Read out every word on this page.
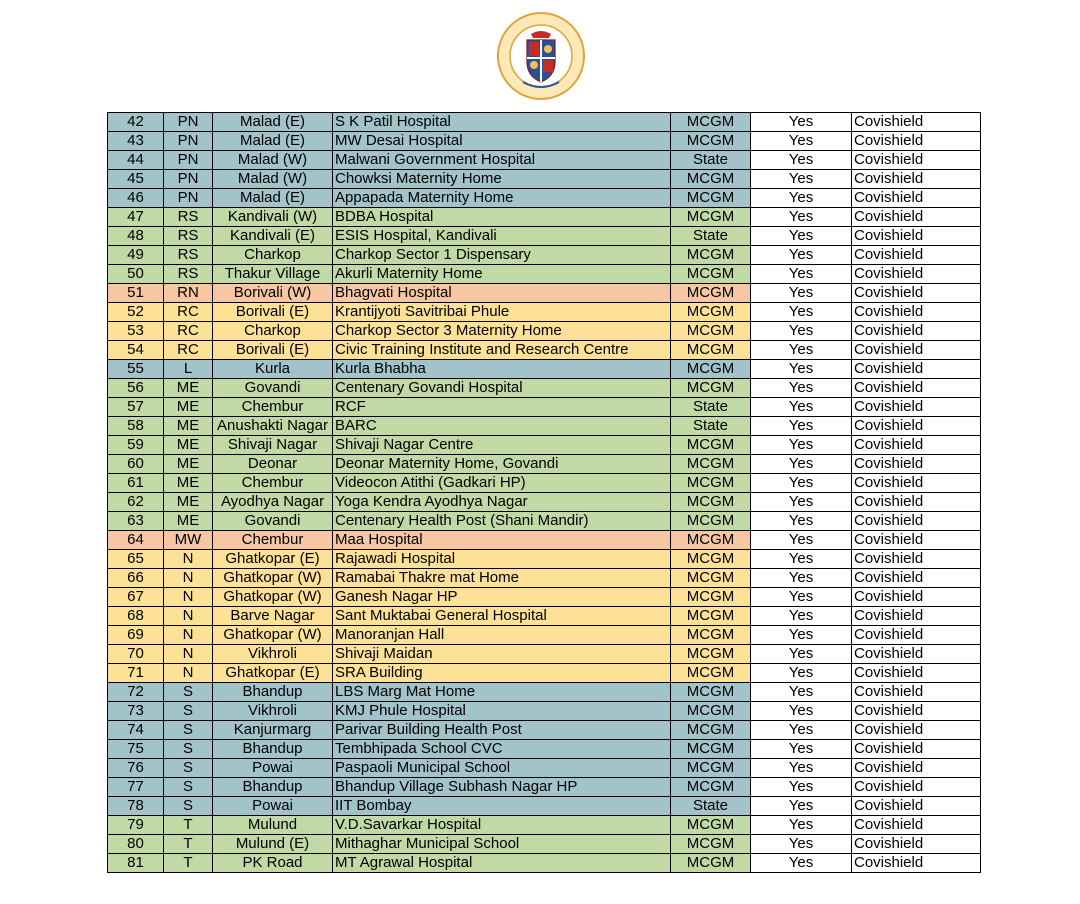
42	PN	Malad (E)	S K Patil Hospital	MCGM	Yes	Covishield
43	PN	Malad (E)	MW Desai Hospital	MCGM	Yes	Covishield
44	PN	Malad (W)	Malwani Government Hospital	State	Yes	Covishield
45	PN	Malad (W)	Chowksi Maternity Home	MCGM	Yes	Covishield
46	PN	Malad (E)	Appapada Maternity Home	MCGM	Yes	Covishield
47	RS	Kandivali (W)	BDBA Hospital	MCGM	Yes	Covishield
48	RS	Kandivali (E)	ESIS Hospital, Kandivali	State	Yes	Covishield
49	RS	Charkop	Charkop Sector 1 Dispensary	MCGM	Yes	Covishield
50	RS	Thakur Village	Akurli Maternity Home	MCGM	Yes	Covishield
51	RN	Borivali (W)	Bhagvati Hospital	MCGM	Yes	Covishield
52	RC	Borivali (E)	Krantijyoti Savitribai Phule	MCGM	Yes	Covishield
53	RC	Charkop	Charkop Sector 3 Maternity Home	MCGM	Yes	Covishield
54	RC	Borivali (E)	Civic Training Institute and Research Centre	MCGM	Yes	Covishield
55	L	Kurla	Kurla Bhabha	MCGM	Yes	Covishield
56	ME	Govandi	Centenary Govandi Hospital	MCGM	Yes	Covishield
57	ME	Chembur	RCF	State	Yes	Covishield
58	ME	Anushakti Nagar	BARC	State	Yes	Covishield
59	ME	Shivaji Nagar	Shivaji Nagar Centre	MCGM	Yes	Covishield
60	ME	Deonar	Deonar Maternity Home, Govandi	MCGM	Yes	Covishield
61	ME	Chembur	Videocon Atithi (Gadkari HP)	MCGM	Yes	Covishield
62	ME	Ayodhya Nagar	Yoga Kendra Ayodhya Nagar	MCGM	Yes	Covishield
63	ME	Govandi	Centenary Health Post (Shani Mandir)	MCGM	Yes	Covishield
64	MW	Chembur	Maa Hospital	MCGM	Yes	Covishield
65	N	Ghatkopar (E)	Rajawadi Hospital	MCGM	Yes	Covishield
66	N	Ghatkopar (W)	Ramabai Thakre mat Home	MCGM	Yes	Covishield
67	N	Ghatkopar (W)	Ganesh Nagar HP	MCGM	Yes	Covishield
68	N	Barve Nagar	Sant Muktabai General Hospital	MCGM	Yes	Covishield
69	N	Ghatkopar (W)	Manoranjan Hall	MCGM	Yes	Covishield
70	N	Vikhroli	Shivaji Maidan	MCGM	Yes	Covishield
71	N	Ghatkopar (E)	SRA Building	MCGM	Yes	Covishield
72	S	Bhandup	LBS Marg Mat Home	MCGM	Yes	Covishield
73	S	Vikhroli	KMJ Phule Hospital	MCGM	Yes	Covishield
74	S	Kanjurmarg	Parivar Building Health Post	MCGM	Yes	Covishield
75	S	Bhandup	Tembhipada School CVC	MCGM	Yes	Covishield
76	S	Powai	Paspaoli Municipal School	MCGM	Yes	Covishield
77	S	Bhandup	Bhandup Village Subhash Nagar HP	MCGM	Yes	Covishield
78	S	Powai	IIT Bombay	State	Yes	Covishield
79	T	Mulund	V.D.Savarkar Hospital	MCGM	Yes	Covishield
80	T	Mulund (E)	Mithaghar Municipal School	MCGM	Yes	Covishield
81	T	PK Road	MT Agrawal Hospital	MCGM	Yes	Covishield
